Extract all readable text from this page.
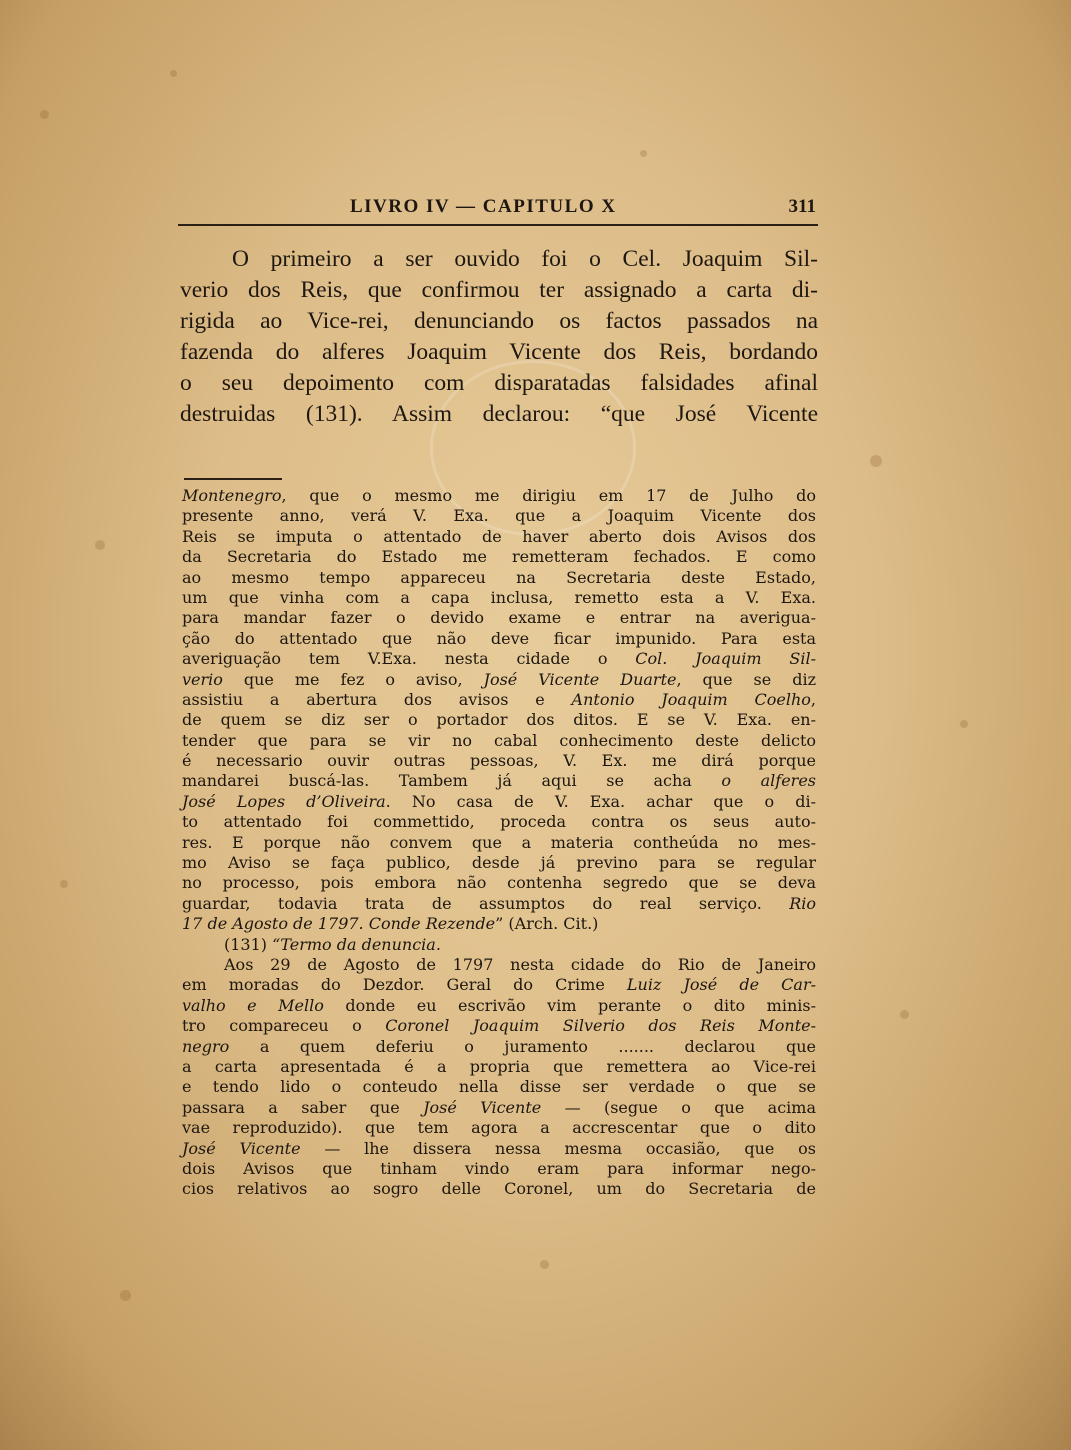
LIVRO IV — CAPITULO X	311
O primeiro a ser ouvido foi o Cel. Joaquim Sil-
verio dos Reis, que confirmou ter assignado a carta di-
rigida ao Vice-rei, denunciando os factos passados na
fazenda do alferes Joaquim Vicente dos Reis, bordando
o seu depoimento com disparatadas falsidades afinal
destruidas (131). Assim declarou: “que José Vicente
Montenegro, que o mesmo me dirigiu em 17 de Julho do
presente anno, verá V. Exa. que a Joaquim Vicente dos
Reis se imputa o attentado de haver aberto dois Avisos dos
da Secretaria do Estado me remetteram fechados. E como
ao mesmo tempo appareceu na Secretaria deste Estado,
um que vinha com a capa inclusa, remetto esta a V. Exa.
para mandar fazer o devido exame e entrar na averigua-
ção do attentado que não deve ficar impunido. Para esta
averiguação tem V.Exa. nesta cidade o Col. Joaquim Sil-
verio que me fez o aviso, José Vicente Duarte, que se diz
assistiu a abertura dos avisos e Antonio Joaquim Coelho,
de quem se diz ser o portador dos ditos. E se V. Exa. en-
tender que para se vir no cabal conhecimento deste delicto
é necessario ouvir outras pessoas, V. Ex. me dirá porque
mandarei buscá-las. Tambem já aqui se acha o alferes
José Lopes d’Oliveira. No casa de V. Exa. achar que o di-
to attentado foi commettido, proceda contra os seus auto-
res. E porque não convem que a materia contheúda no mes-
mo Aviso se faça publico, desde já previno para se regular
no processo, pois embora não contenha segredo que se deva
guardar, todavia trata de assumptos do real serviço. Rio
17 de Agosto de 1797. Conde Rezende” (Arch. Cit.)
(131) “Termo da denuncia.
Aos 29 de Agosto de 1797 nesta cidade do Rio de Janeiro
em moradas do Dezdor. Geral do Crime Luiz José de Car-
valho e Mello donde eu escrivão vim perante o dito minis-
tro compareceu o Coronel Joaquim Silverio dos Reis Monte-
negro a quem deferiu o juramento ....... declarou que
a carta apresentada é a propria que remettera ao Vice-rei
e tendo lido o conteudo nella disse ser verdade o que se
passara a saber que José Vicente — (segue o que acima
vae reproduzido). que tem agora a accrescentar que o dito
José Vicente — lhe dissera nessa mesma occasião, que os
dois Avisos que tinham vindo eram para informar nego-
cios relativos ao sogro delle Coronel, um do Secretaria de
